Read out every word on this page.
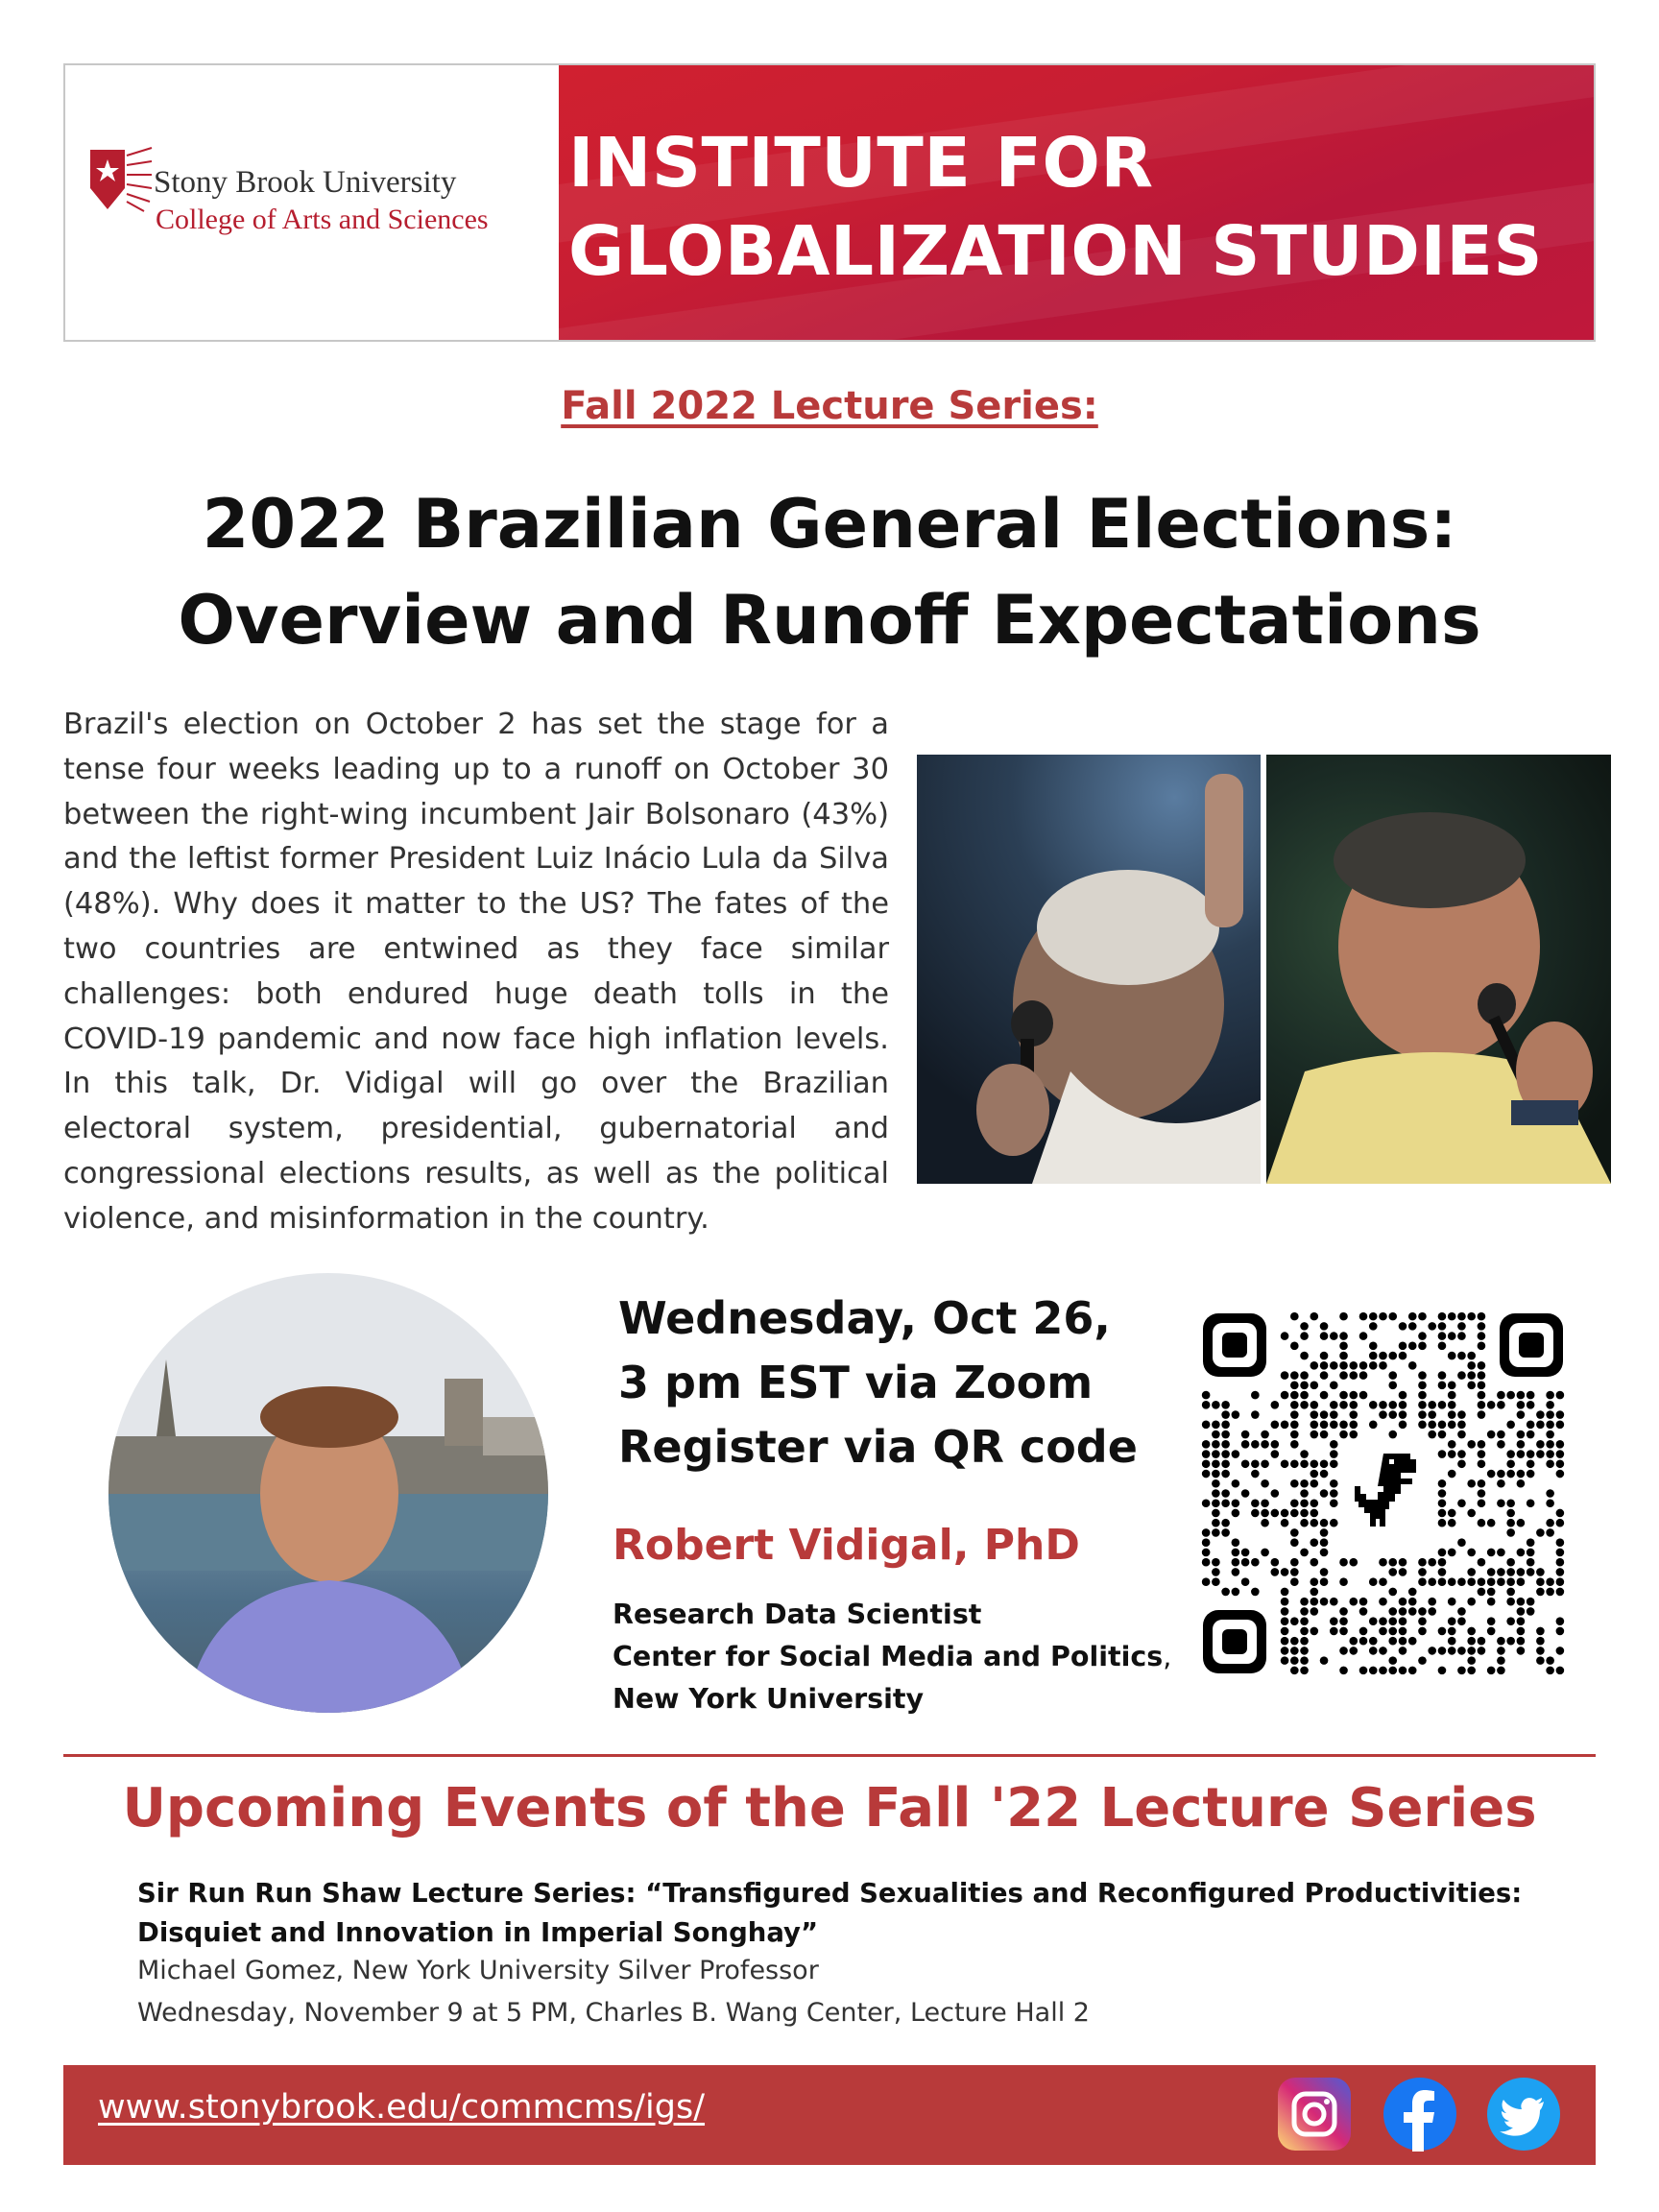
Stony Brook University
College of Arts and Sciences
INSTITUTE FOR
GLOBALIZATION STUDIES
Fall 2022 Lecture Series:
2022 Brazilian General Elections:
Overview and Runoff Expectations
Brazil's election on October 2 has set the stage for a tense four weeks leading up to a runoff on October 30 between the right-wing incumbent Jair Bolsonaro (43%) and the leftist former President Luiz Inácio Lula da Silva (48%). Why does it matter to the US? The fates of the two countries are entwined as they face similar challenges: both endured huge death tolls in the COVID-19 pandemic and now face high inflation levels. In this talk, Dr. Vidigal will go over the Brazilian electoral system, presidential, gubernatorial and congressional elections results, as well as the political violence, and misinformation in the country.
Wednesday, Oct 26,
3 pm EST via Zoom
Register via QR code
Robert Vidigal, PhD
Research Data Scientist
Center for Social Media and Politics,
New York University
Upcoming Events of the Fall '22 Lecture Series
Sir Run Run Shaw Lecture Series: “Transfigured Sexualities and Reconfigured Productivities:
Disquiet and Innovation in Imperial Songhay”
Michael Gomez, New York University Silver Professor
Wednesday, November 9 at 5 PM, Charles B. Wang Center, Lecture Hall 2
www.stonybrook.edu/commcms/igs/
